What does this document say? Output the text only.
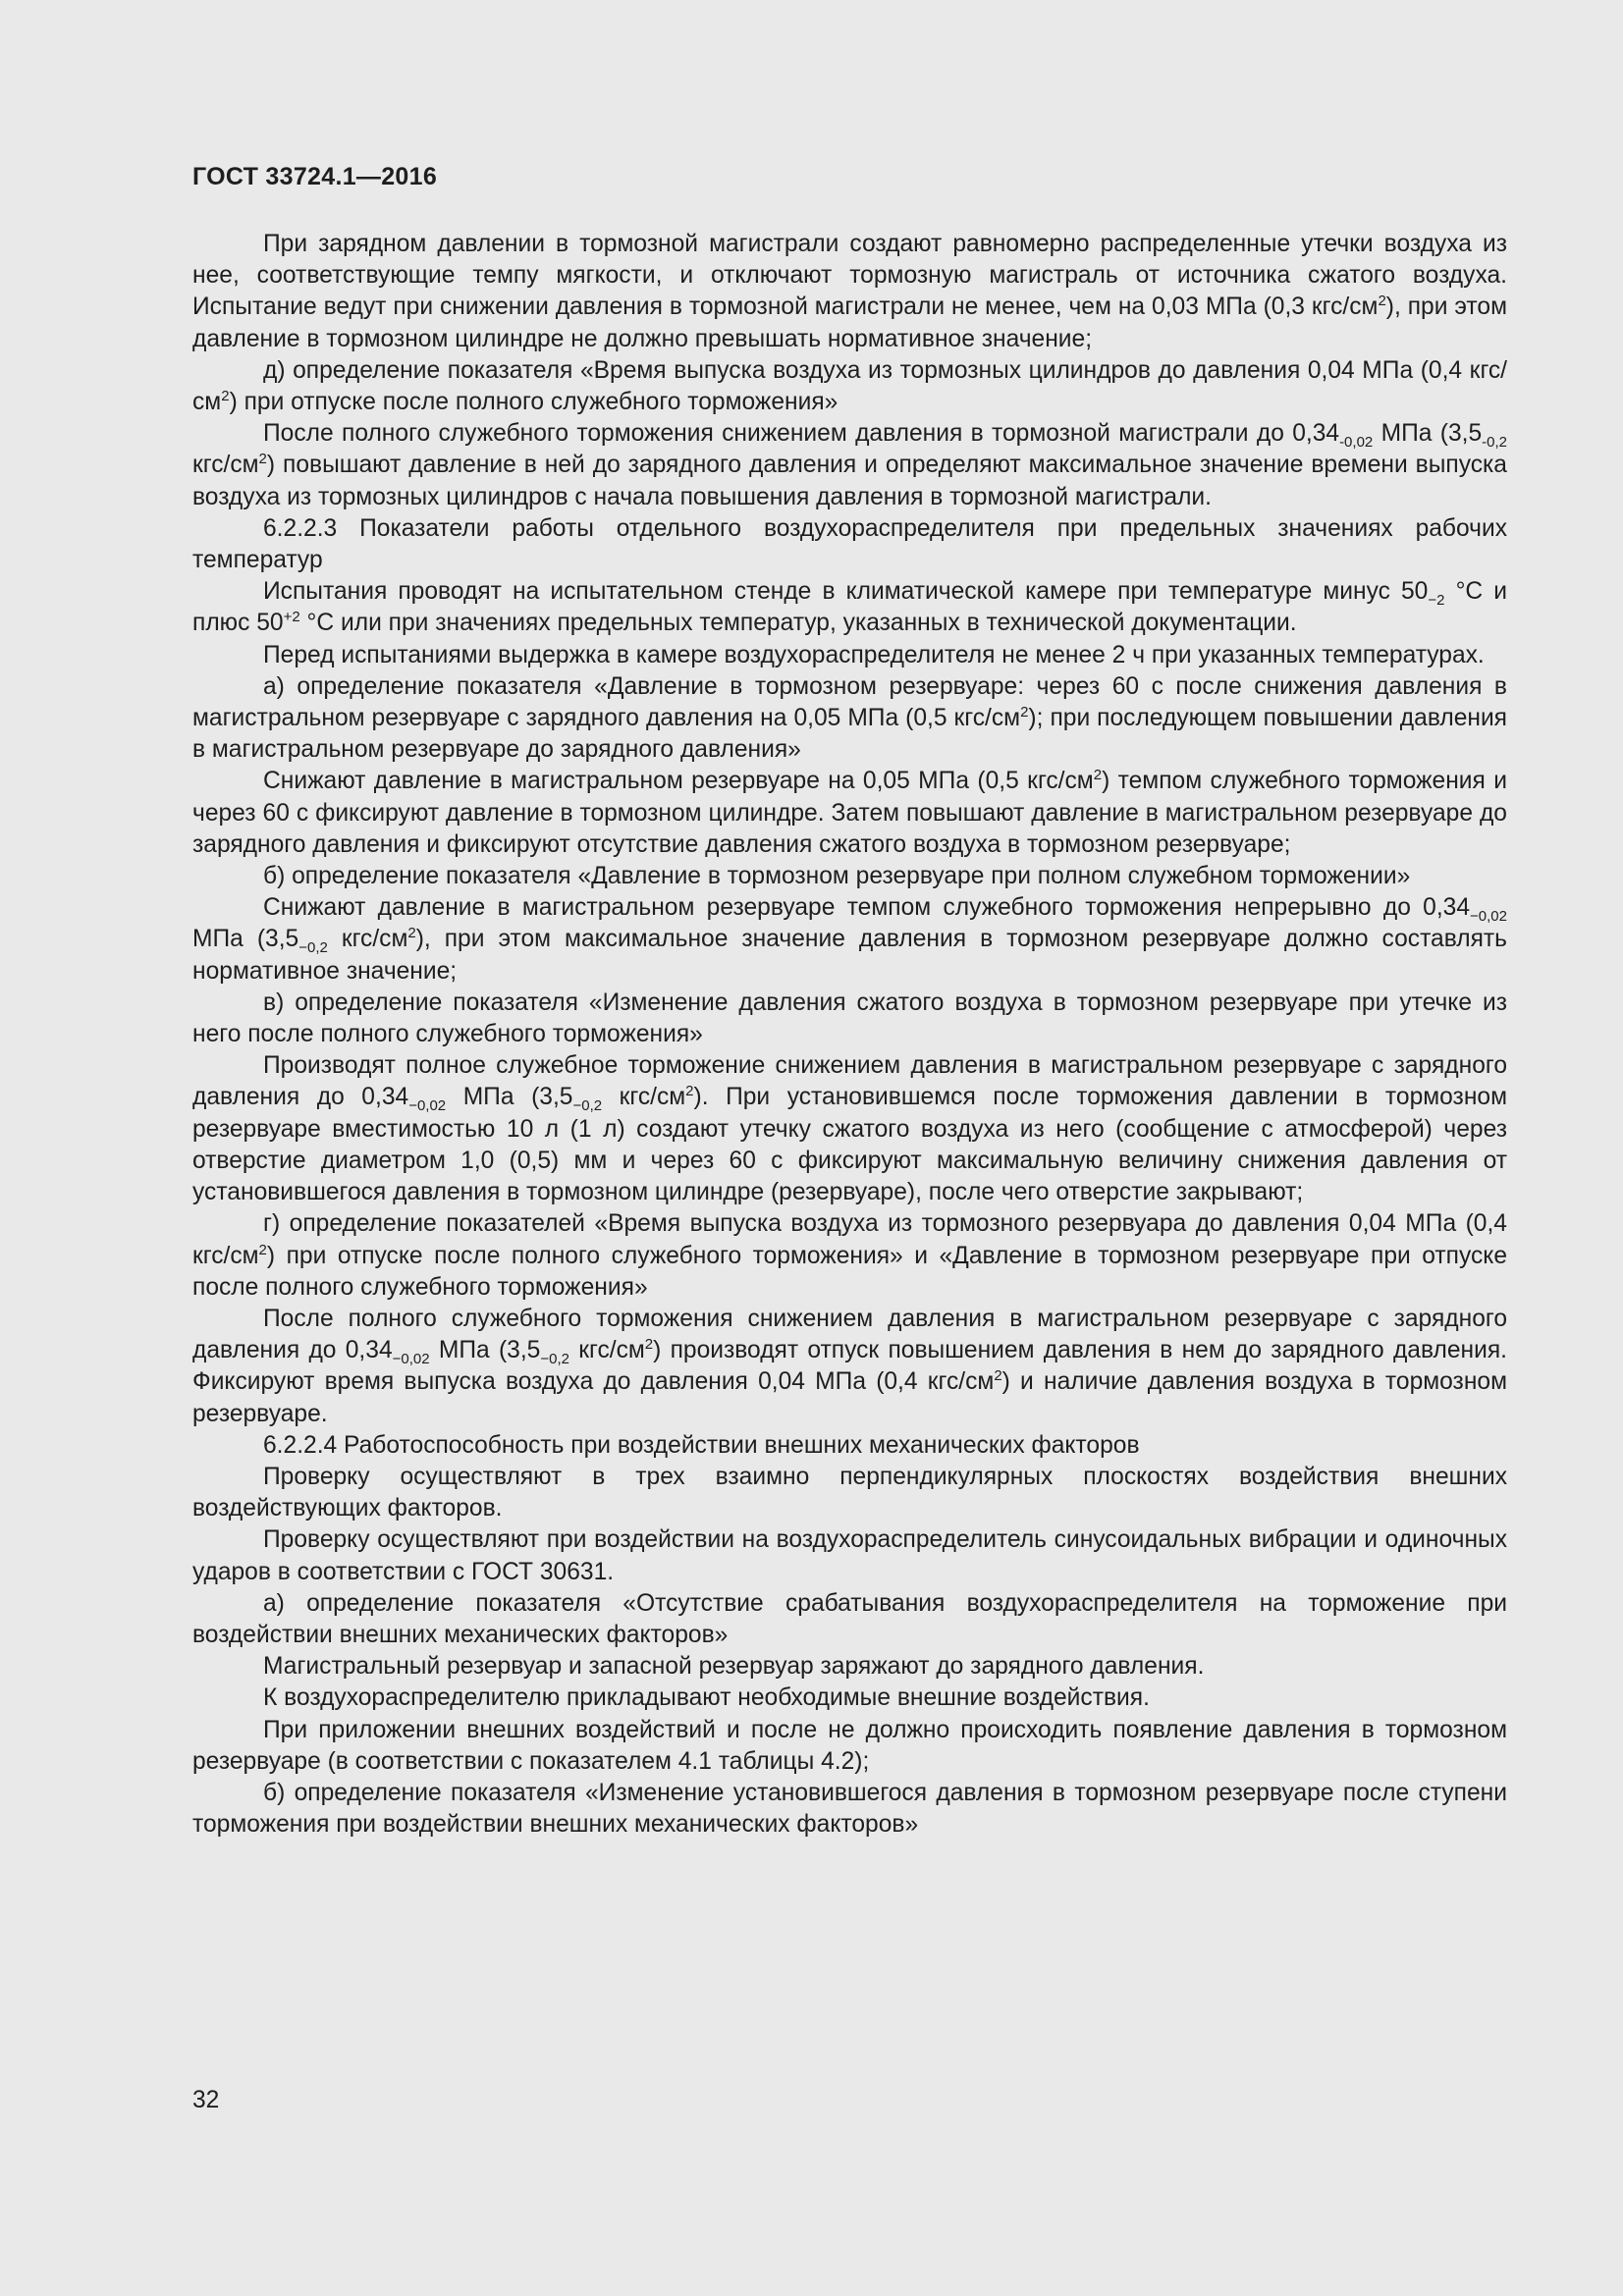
ГОСТ 33724.1—2016

При зарядном давлении в тормозной магистрали создают равномерно распределенные утечки воздуха из нее, соответствующие темпу мягкости, и отключают тормозную магистраль от источника сжатого воздуха. Испытание ведут при снижении давления в тормозной магистрали не менее, чем на 0,03 МПа (0,3 кгс/$см^2$), при этом давление в тормозном цилиндре не должно превышать нормативное значение;

д) определение показателя «Время выпуска воздуха из тормозных цилиндров до давления 0,04 МПа (0,4 кгс/$см^2$) при отпуске после полного служебного торможения»

После полного служебного торможения снижением давления в тормозной магистрали до $0,34_{-0,02}$ МПа ($3,5_{-0,2}$ кгс/$см^2$) повышают давление в ней до зарядного давления и определяют максимальное значение времени выпуска воздуха из тормозных цилиндров с начала повышения давления в тормозной магистрали.

6.2.2.3 Показатели работы отдельного воздухораспределителя при предельных значениях рабочих температур

Испытания проводят на испытательном стенде в климатической камере при температуре минус $50_{-2}$ °С и плюс $50^{+2}$ °С или при значениях предельных температур, указанных в технической документации.

Перед испытаниями выдержка в камере воздухораспределителя не менее 2 ч при указанных температурах.

а) определение показателя «Давление в тормозном резервуаре: через 60 с после снижения давления в магистральном резервуаре с зарядного давления на 0,05 МПа (0,5 кгс/$см^2$); при последующем повышении давления в магистральном резервуаре до зарядного давления»

Снижают давление в магистральном резервуаре на 0,05 МПа (0,5 кгс/$см^2$) темпом служебного торможения и через 60 с фиксируют давление в тормозном цилиндре. Затем повышают давление в магистральном резервуаре до зарядного давления и фиксируют отсутствие давления сжатого воздуха в тормозном резервуаре;

б) определение показателя «Давление в тормозном резервуаре при полном служебном торможении»

Снижают давление в магистральном резервуаре темпом служебного торможения непрерывно до $0,34_{-0,02}$ МПа ($3,5_{-0,2}$ кгс/$см^2$), при этом максимальное значение давления в тормозном резервуаре должно составлять нормативное значение;

в) определение показателя «Изменение давления сжатого воздуха в тормозном резервуаре при утечке из него после полного служебного торможения»

Производят полное служебное торможение снижением давления в магистральном резервуаре с зарядного давления до $0,34_{-0,02}$ МПа ($3,5_{-0,2}$ кгс/$см^2$). При установившемся после торможения давлении в тормозном резервуаре вместимостью 10 л (1 л) создают утечку сжатого воздуха из него (сообщение с атмосферой) через отверстие диаметром 1,0 (0,5) мм и через 60 с фиксируют максимальную величину снижения давления от установившегося давления в тормозном цилиндре (резервуаре), после чего отверстие закрывают;

г) определение показателей «Время выпуска воздуха из тормозного резервуара до давления 0,04 МПа (0,4 кгс/$см^2$) при отпуске после полного служебного торможения» и «Давление в тормозном резервуаре при отпуске после полного служебного торможения»

После полного служебного торможения снижением давления в магистральном резервуаре с зарядного давления до $0,34_{-0,02}$ МПа ($3,5_{-0,2}$ кгс/$см^2$) производят отпуск повышением давления в нем до зарядного давления. Фиксируют время выпуска воздуха до давления 0,04 МПа (0,4 кгс/$см^2$) и наличие давления воздуха в тормозном резервуаре.

6.2.2.4 Работоспособность при воздействии внешних механических факторов

Проверку осуществляют в трех взаимно перпендикулярных плоскостях воздействия внешних воздействующих факторов.

Проверку осуществляют при воздействии на воздухораспределитель синусоидальных вибрации и одиночных ударов в соответствии с ГОСТ 30631.

а) определение показателя «Отсутствие срабатывания воздухораспределителя на торможение при воздействии внешних механических факторов»

Магистральный резервуар и запасной резервуар заряжают до зарядного давления.

К воздухораспределителю прикладывают необходимые внешние воздействия.

При приложении внешних воздействий и после не должно происходить появление давления в тормозном резервуаре (в соответствии с показателем 4.1 таблицы 4.2);

б) определение показателя «Изменение установившегося давления в тормозном резервуаре после ступени торможения при воздействии внешних механических факторов»

32
